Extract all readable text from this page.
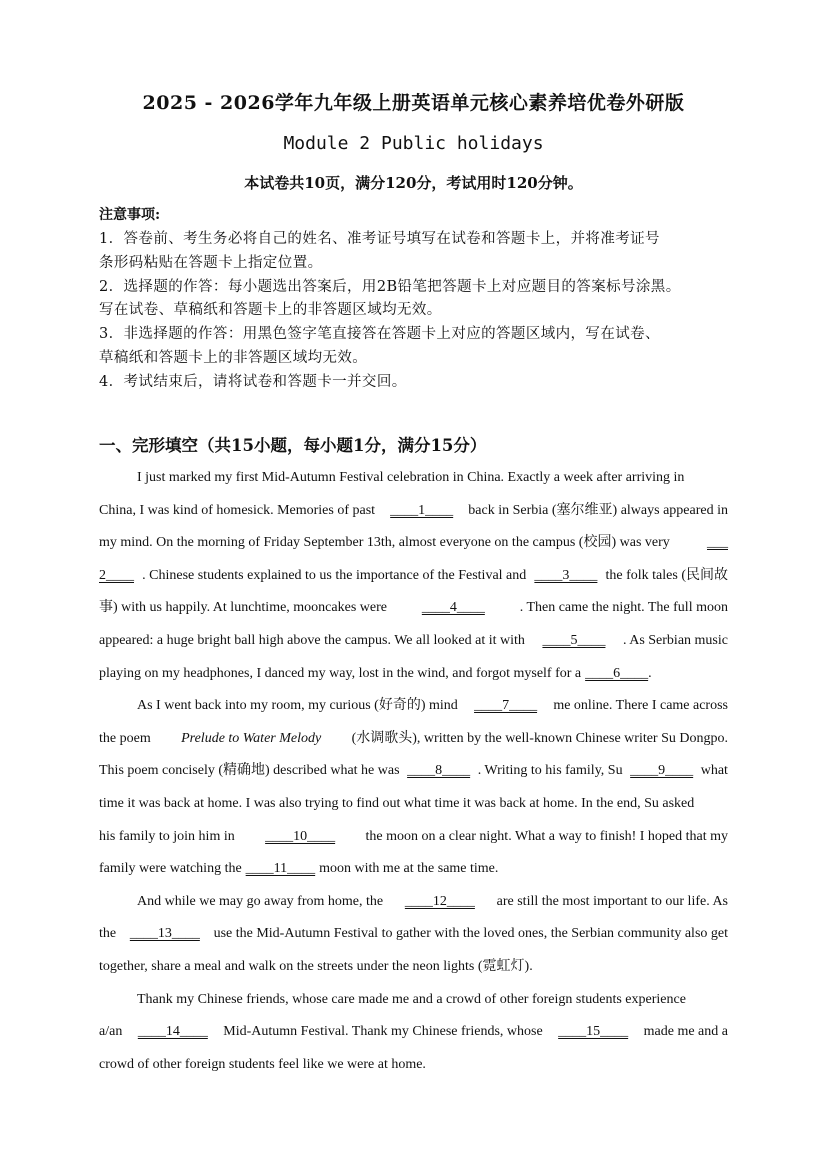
2025 - 2026学年九年级上册英语单元核心素养培优卷外研版
Module 2 Public holidays
本试卷共10页，满分120分，考试用时120分钟。
注意事项:
1．答卷前、考生务必将自己的姓名、准考证号填写在试卷和答题卡上，并将准考证号
条形码粘贴在答题卡上指定位置。
2．选择题的作答：每小题选出答案后，用2B铅笔把答题卡上对应题目的答案标号涂黑。
写在试卷、草稿纸和答题卡上的非答题区域均无效。
3．非选择题的作答：用黑色签字笔直接答在答题卡上对应的答题区域内，写在试卷、
草稿纸和答题卡上的非答题区域均无效。
4．考试结束后，请将试卷和答题卡一并交回。
一、完形填空（共15小题，每小题1分，满分15分）
I just marked my first Mid-Autumn Festival celebration in China. Exactly a week after arriving in
China, I was kind of homesick. Memories of past ____1____ back in Serbia (塞尔维亚) always appeared in
my mind. On the morning of Friday September 13th, almost everyone on the campus (校园) was very	___
2____ . Chinese students explained to us the importance of the Festival and ____3____ the folk tales (民间故
事) with us happily. At lunchtime, mooncakes were ____4____ . Then came the night. The full moon
appeared: a huge bright ball high above the campus. We all looked at it with ____5____ . As Serbian music
playing on my headphones, I danced my way, lost in the wind, and forgot myself for a ____6____ .
As I went back into my room, my curious (好奇的) mind ____7____ me online. There I came across
the poem Prelude to Water Melody (水调歌头), written by the well-known Chinese writer Su Dongpo.
This poem concisely (精确地) described what he was ____8____ . Writing to his family, Su ____9____ what
time it was back at home. I was also trying to find out what time it was back at home. In the end, Su asked
his family to join him in ____10____ the moon on a clear night. What a way to finish! I hoped that my
family were watching the ____11____ moon with me at the same time.
And while we may go away from home, the ____12____ are still the most important to our life. As
the ____13____ use the Mid-Autumn Festival to gather with the loved ones, the Serbian community also get
together, share a meal and walk on the streets under the neon lights (霓虹灯).
Thank my Chinese friends, whose care made me and a crowd of other foreign students experience
a/an ____14____ Mid-Autumn Festival. Thank my Chinese friends, whose ____15____ made me and a
crowd of other foreign students feel like we were at home.
